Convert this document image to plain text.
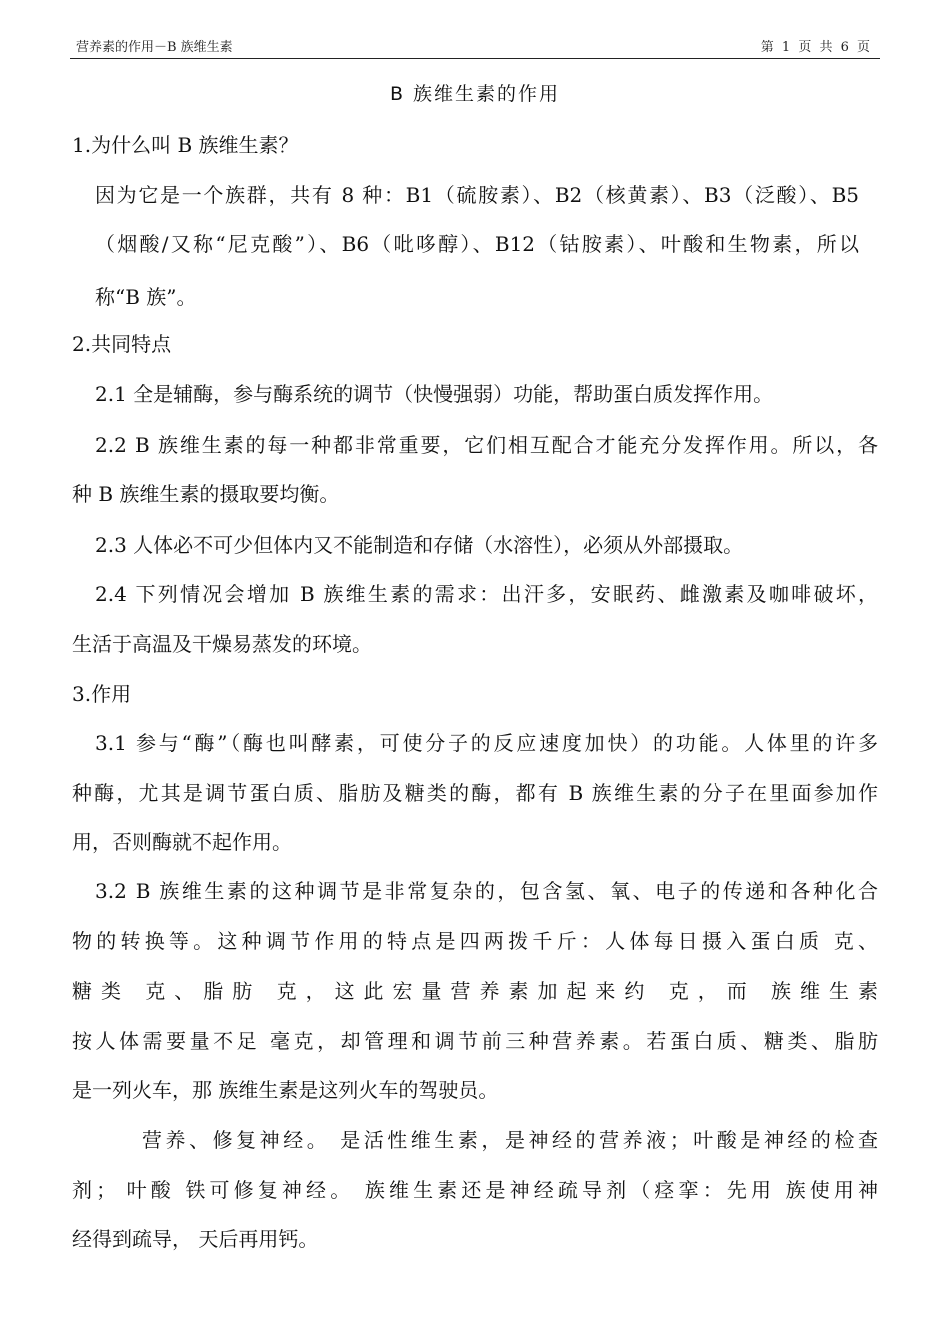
营养素的作用－B 族维生素	第 1 页 共 6 页
B 族维生素的作用
1.为什么叫 B 族维生素？
因为它是一个族群，共有 8 种：B1（硫胺素）、B2（核黄素）、B3（泛酸）、B5
（烟酸/又称“尼克酸”）、B6（吡哆醇）、B12（钴胺素）、叶酸和生物素，所以
称“B 族”。
2.共同特点
2.1 全是辅酶，参与酶系统的调节（快慢强弱）功能，帮助蛋白质发挥作用。
2.2 B 族维生素的每一种都非常重要，它们相互配合才能充分发挥作用。所以，各
种 B 族维生素的摄取要均衡。
2.3 人体必不可少但体内又不能制造和存储（水溶性），必须从外部摄取。
2.4 下列情况会增加 B 族维生素的需求：出汗多，安眠药、雌激素及咖啡破坏，
生活于高温及干燥易蒸发的环境。
3.作用
3.1 参与“酶”（酶也叫酵素，可使分子的反应速度加快）的功能。人体里的许多
种酶，尤其是调节蛋白质、脂肪及糖类的酶，都有 B 族维生素的分子在里面参加作
用，否则酶就不起作用。
3.2 B 族维生素的这种调节是非常复杂的，包含氢、氧、电子的传递和各种化合
物的转换等。这种调节作用的特点是四两拨千斤：人体每日摄入蛋白质 克、
糖类 克、脂肪 克，这此宏量营养素加起来约 克，而 族维生素
按人体需要量不足 毫克，却管理和调节前三种营养素。若蛋白质、糖类、脂肪
是一列火车，那 族维生素是这列火车的驾驶员。
营养、修复神经。 是活性维生素，是神经的营养液；叶酸是神经的检查
剂； 叶酸 铁可修复神经。 族维生素还是神经疏导剂（痉挛：先用 族使用神
经得到疏导， 天后再用钙。
